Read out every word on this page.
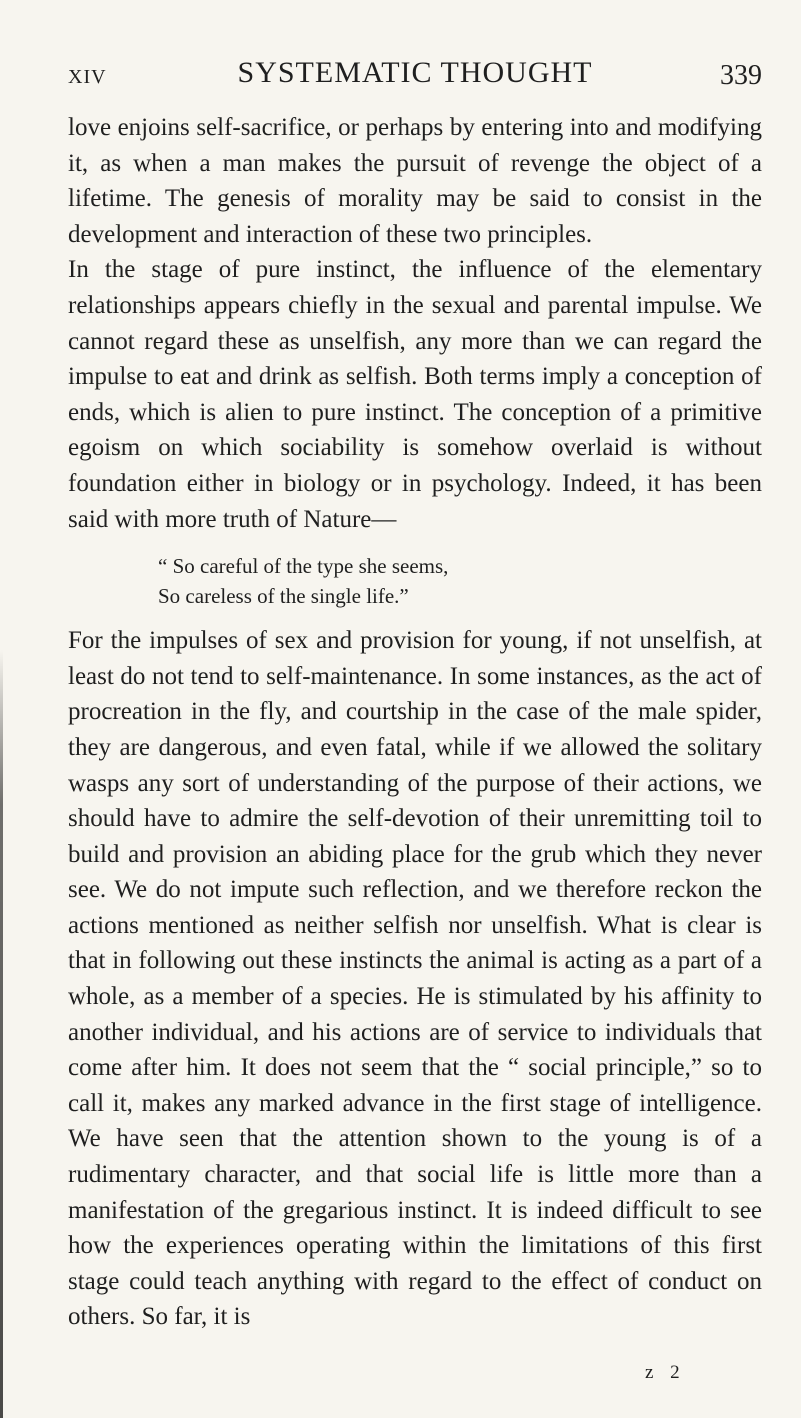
XIV	SYSTEMATIC THOUGHT	339

love enjoins self-sacrifice, or perhaps by entering into and modifying it, as when a man makes the pursuit of revenge the object of a lifetime. The genesis of morality may be said to consist in the development and interaction of these two principles.

In the stage of pure instinct, the influence of the elementary relationships appears chiefly in the sexual and parental impulse. We cannot regard these as unselfish, any more than we can regard the impulse to eat and drink as selfish. Both terms imply a conception of ends, which is alien to pure instinct. The conception of a primitive egoism on which sociability is somehow overlaid is without foundation either in biology or in psychology. Indeed, it has been said with more truth of Nature—

“ So careful of the type she seems,
So careless of the single life.”

For the impulses of sex and provision for young, if not unselfish, at least do not tend to self-maintenance. In some instances, as the act of procreation in the fly, and courtship in the case of the male spider, they are dangerous, and even fatal, while if we allowed the solitary wasps any sort of understanding of the purpose of their actions, we should have to admire the self-devotion of their unremitting toil to build and provision an abiding place for the grub which they never see. We do not impute such reflection, and we therefore reckon the actions mentioned as neither selfish nor unselfish. What is clear is that in following out these instincts the animal is acting as a part of a whole, as a member of a species. He is stimulated by his affinity to another individual, and his actions are of service to individuals that come after him. It does not seem that the “ social principle,” so to call it, makes any marked advance in the first stage of intelligence. We have seen that the attention shown to the young is of a rudimentary character, and that social life is little more than a manifestation of the gregarious instinct. It is indeed difficult to see how the experiences operating within the limitations of this first stage could teach anything with regard to the effect of conduct on others. So far, it is

z 2
